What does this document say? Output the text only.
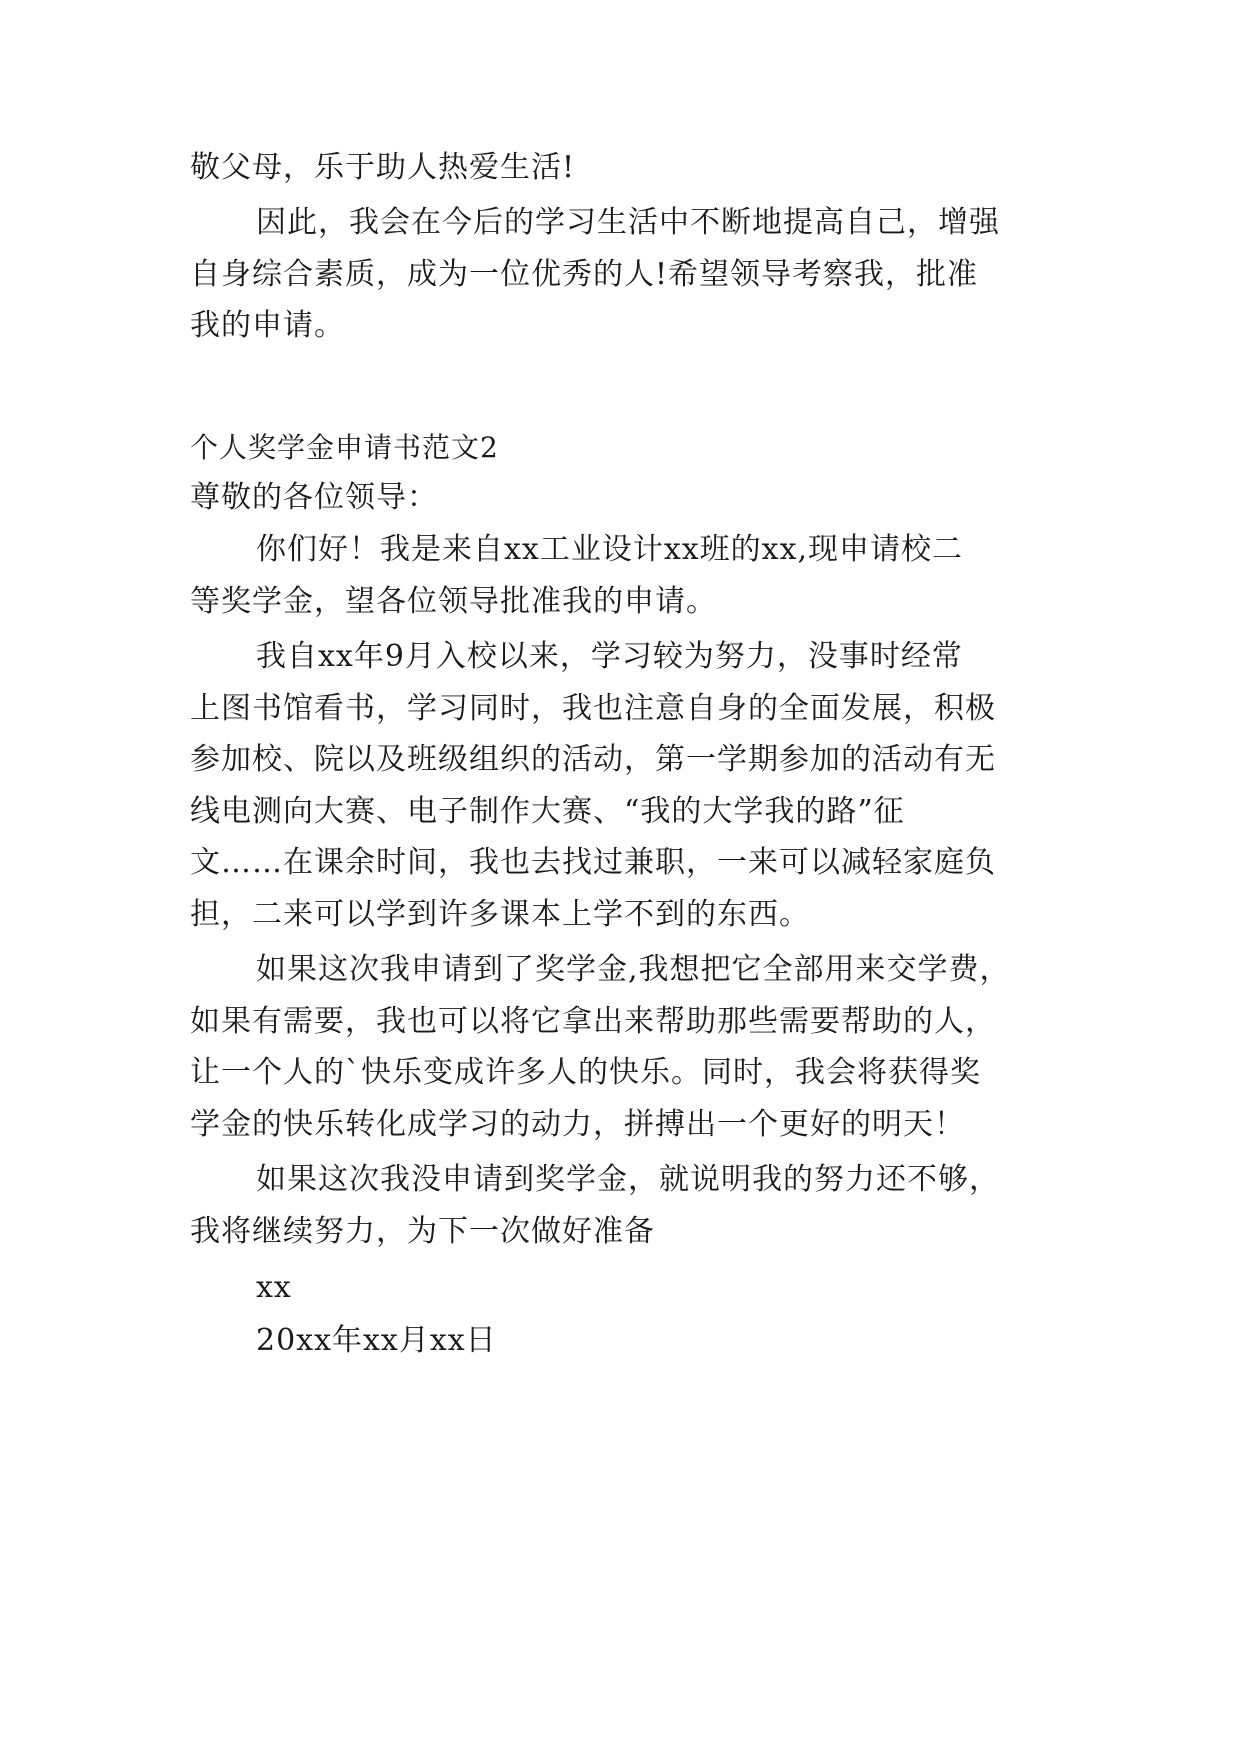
敬父母，乐于助人热爱生活!
因此，我会在今后的学习生活中不断地提高自己，增强
自身综合素质，成为一位优秀的人!希望领导考察我，批准
我的申请。
个人奖学金申请书范文2
尊敬的各位领导：
你们好！我是来自xx工业设计xx班的xx,现申请校二
等奖学金，望各位领导批准我的申请。
我自xx年9月入校以来，学习较为努力，没事时经常
上图书馆看书，学习同时，我也注意自身的全面发展，积极
参加校、院以及班级组织的活动，第一学期参加的活动有无
线电测向大赛、电子制作大赛、“我的大学我的路”征
文……在课余时间，我也去找过兼职，一来可以减轻家庭负
担，二来可以学到许多课本上学不到的东西。
如果这次我申请到了奖学金,我想把它全部用来交学费，
如果有需要，我也可以将它拿出来帮助那些需要帮助的人，
让一个人的`快乐变成许多人的快乐。同时，我会将获得奖
学金的快乐转化成学习的动力，拼搏出一个更好的明天！
如果这次我没申请到奖学金，就说明我的努力还不够，
我将继续努力，为下一次做好准备
xx
20xx年xx月xx日
